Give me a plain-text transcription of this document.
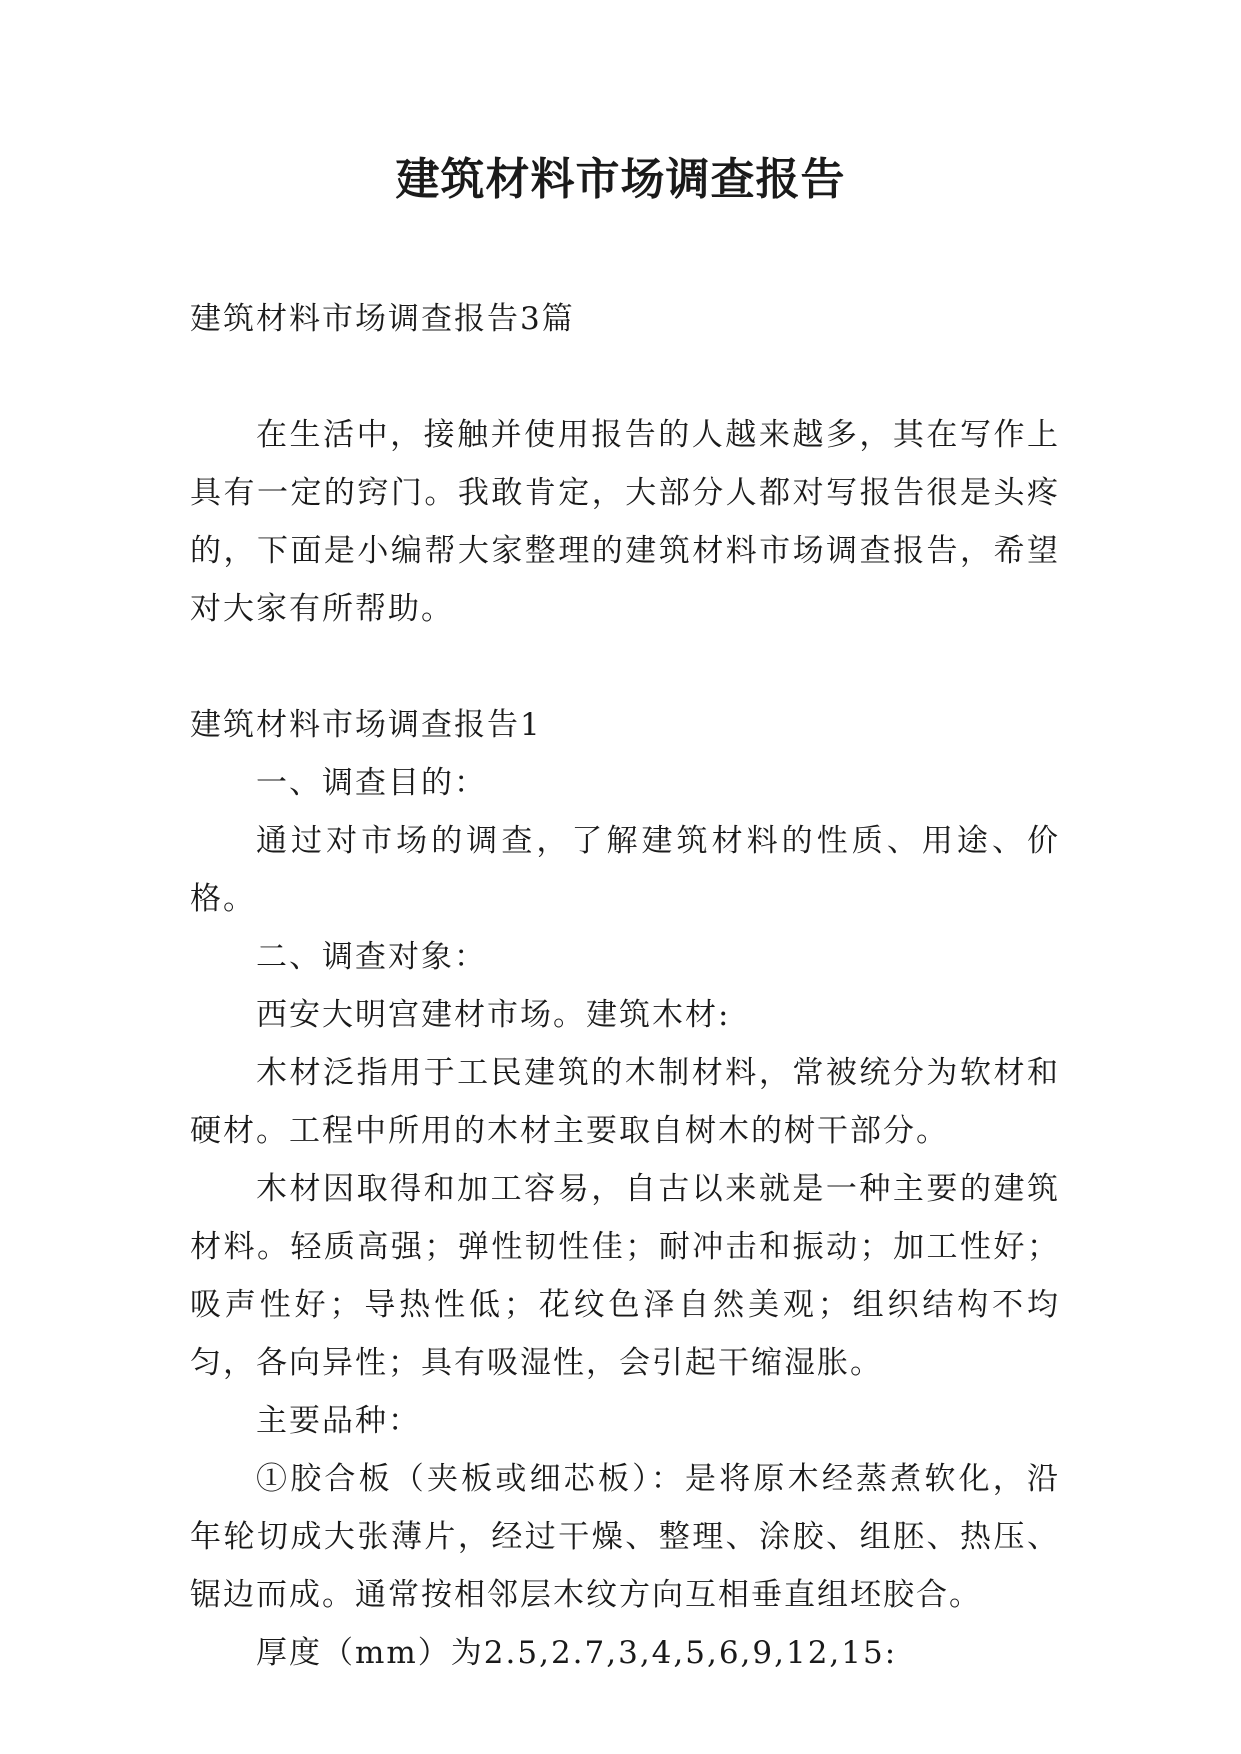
建筑材料市场调查报告

建筑材料市场调查报告3篇

在生活中，接触并使用报告的人越来越多，其在写作上具有一定的窍门。我敢肯定，大部分人都对写报告很是头疼的，下面是小编帮大家整理的建筑材料市场调查报告，希望对大家有所帮助。

建筑材料市场调查报告1

一、调查目的：

通过对市场的调查，了解建筑材料的性质、用途、价格。

二、调查对象：

西安大明宫建材市场。建筑木材:

木材泛指用于工民建筑的木制材料，常被统分为软材和硬材。工程中所用的木材主要取自树木的树干部分。

木材因取得和加工容易，自古以来就是一种主要的建筑材料。轻质高强；弹性韧性佳；耐冲击和振动；加工性好；吸声性好；导热性低；花纹色泽自然美观；组织结构不均匀，各向异性；具有吸湿性，会引起干缩湿胀。

主要品种：

①胶合板（夹板或细芯板）：是将原木经蒸煮软化，沿年轮切成大张薄片，经过干燥、整理、涂胶、组胚、热压、锯边而成。通常按相邻层木纹方向互相垂直组坯胶合。

厚度（mm）为2.5,2.7,3,4,5,6,9,12,15:
